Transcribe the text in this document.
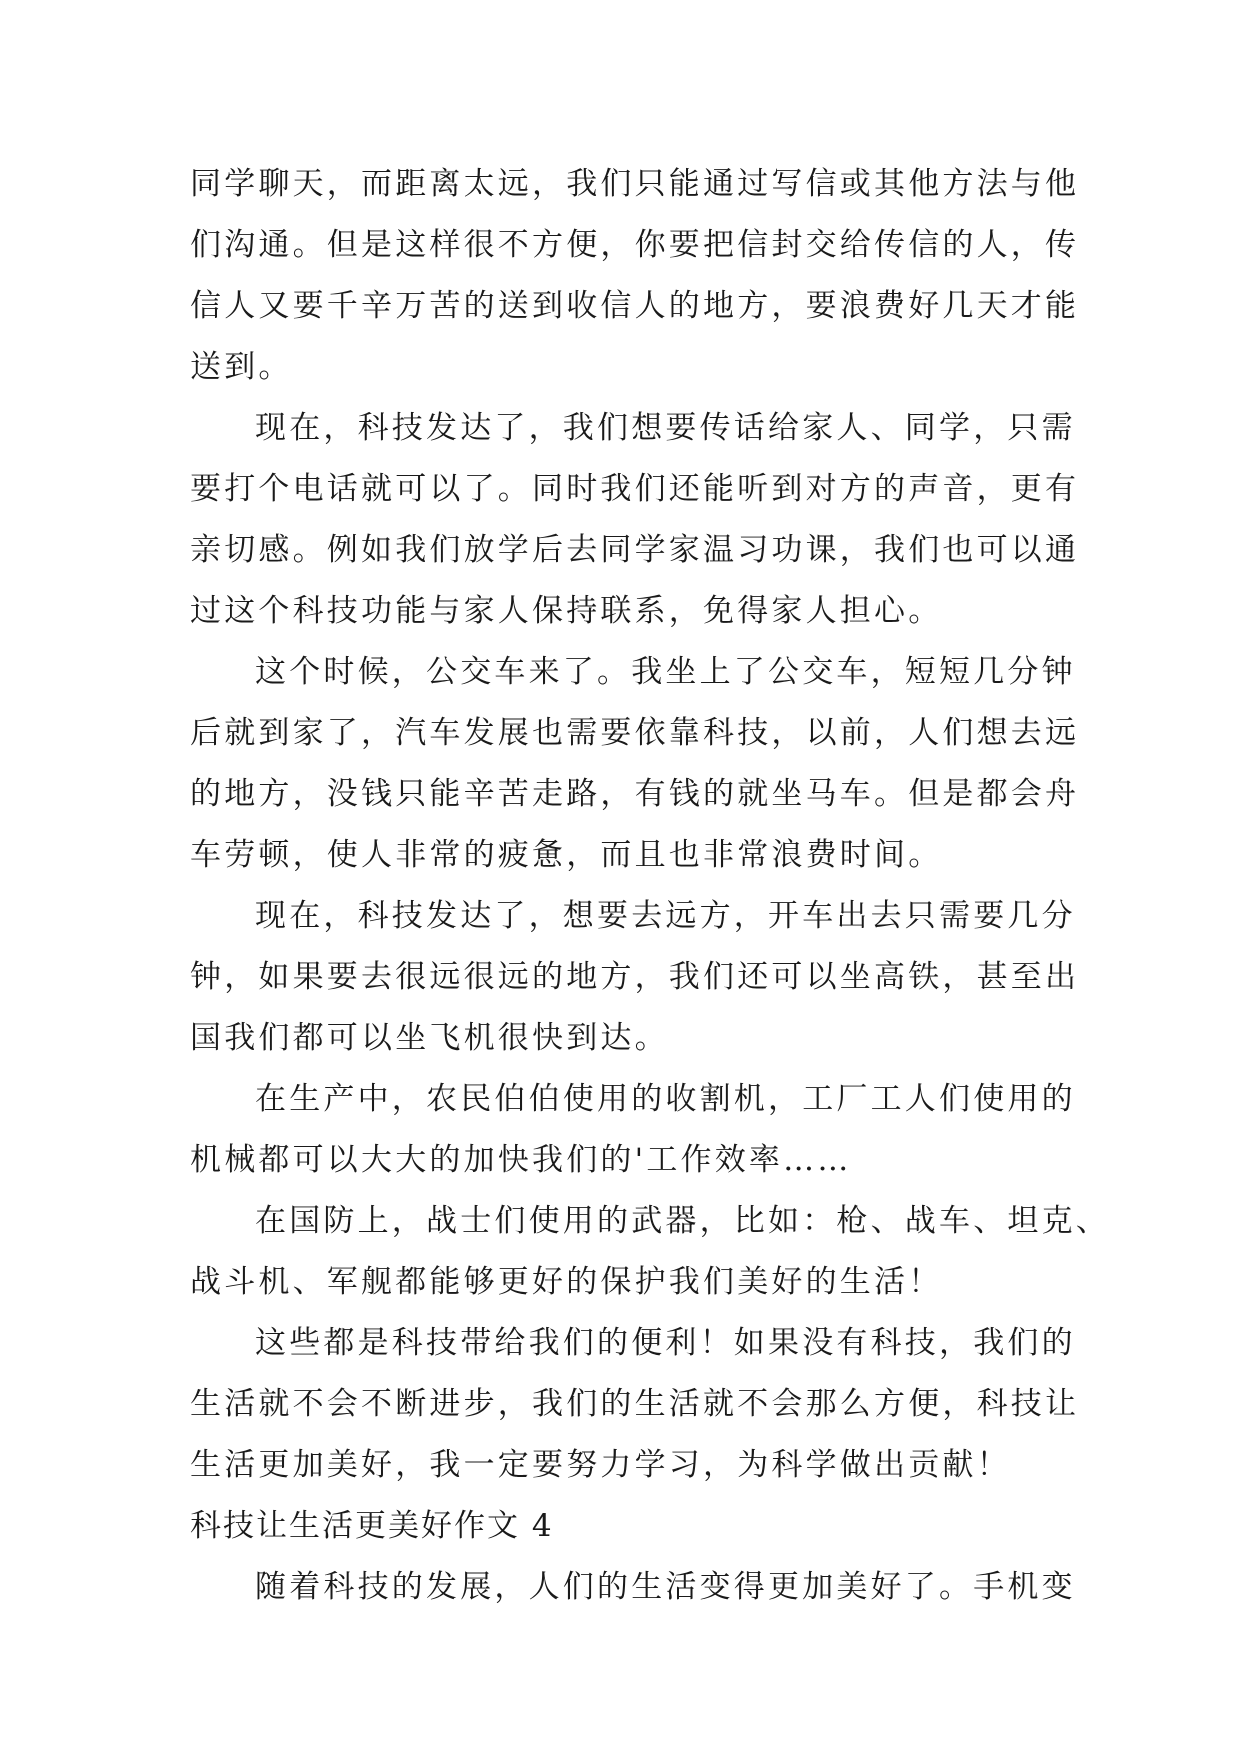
同学聊天，而距离太远，我们只能通过写信或其他方法与他
们沟通。但是这样很不方便，你要把信封交给传信的人，传
信人又要千辛万苦的送到收信人的地方，要浪费好几天才能
送到。
现在，科技发达了，我们想要传话给家人、同学，只需
要打个电话就可以了。同时我们还能听到对方的声音，更有
亲切感。例如我们放学后去同学家温习功课，我们也可以通
过这个科技功能与家人保持联系，免得家人担心。
这个时候，公交车来了。我坐上了公交车，短短几分钟
后就到家了，汽车发展也需要依靠科技，以前，人们想去远
的地方，没钱只能辛苦走路，有钱的就坐马车。但是都会舟
车劳顿，使人非常的疲惫，而且也非常浪费时间。
现在，科技发达了，想要去远方，开车出去只需要几分
钟，如果要去很远很远的地方，我们还可以坐高铁，甚至出
国我们都可以坐飞机很快到达。
在生产中，农民伯伯使用的收割机，工厂工人们使用的
机械都可以大大的加快我们的'工作效率……
在国防上，战士们使用的武器，比如：枪、战车、坦克、
战斗机、军舰都能够更好的保护我们美好的生活！
这些都是科技带给我们的便利！如果没有科技，我们的
生活就不会不断进步，我们的生活就不会那么方便，科技让
生活更加美好，我一定要努力学习，为科学做出贡献！
科技让生活更美好作文 4
随着科技的发展，人们的生活变得更加美好了。手机变
